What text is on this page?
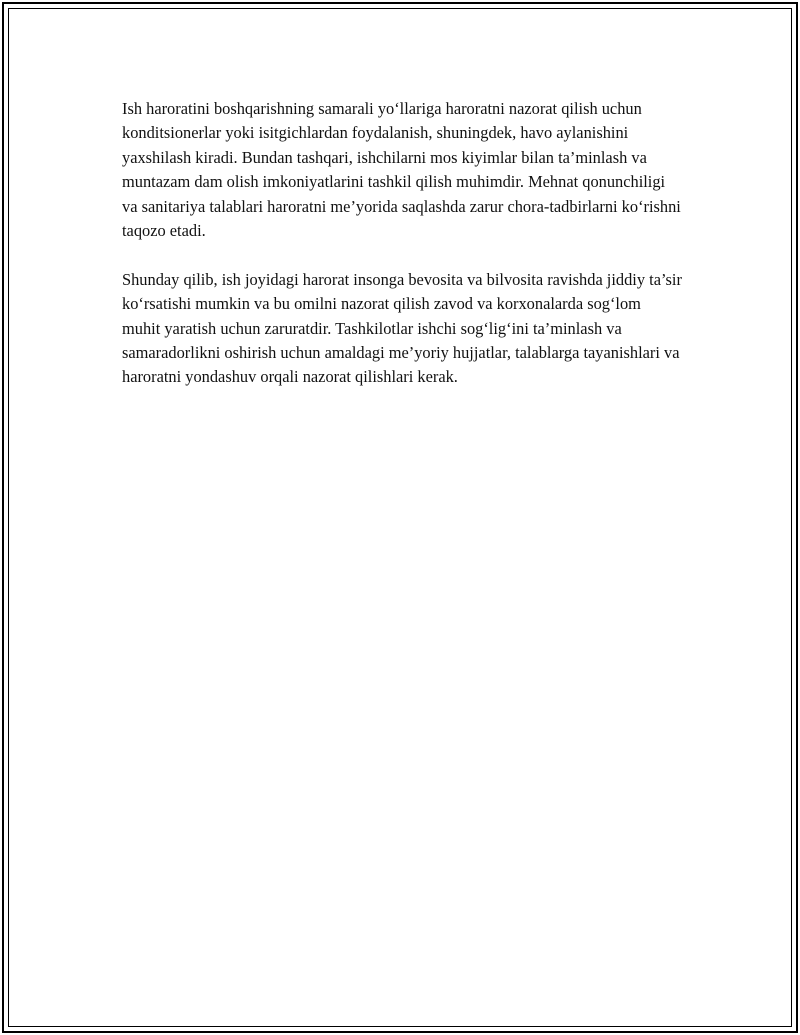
Ish haroratini boshqarishning samarali yo‘llariga haroratni nazorat qilish uchun konditsionerlar yoki isitgichlardan foydalanish, shuningdek, havo aylanishini yaxshilash kiradi. Bundan tashqari, ishchilarni mos kiyimlar bilan ta’minlash va muntazam dam olish imkoniyatlarini tashkil qilish muhimdir. Mehnat qonunchiligi va sanitariya talablari haroratni me’yorida saqlashda zarur chora-tadbirlarni ko‘rishni taqozo etadi.

Shunday qilib, ish joyidagi harorat insonga bevosita va bilvosita ravishda jiddiy ta’sir ko‘rsatishi mumkin va bu omilni nazorat qilish zavod va korxonalarda sog‘lom muhit yaratish uchun zaruratdir. Tashkilotlar ishchi sog‘lig‘ini ta’minlash va samaradorlikni oshirish uchun amaldagi me’yoriy hujjatlar, talablarga tayanishlari va haroratni yondashuv orqali nazorat qilishlari kerak.
